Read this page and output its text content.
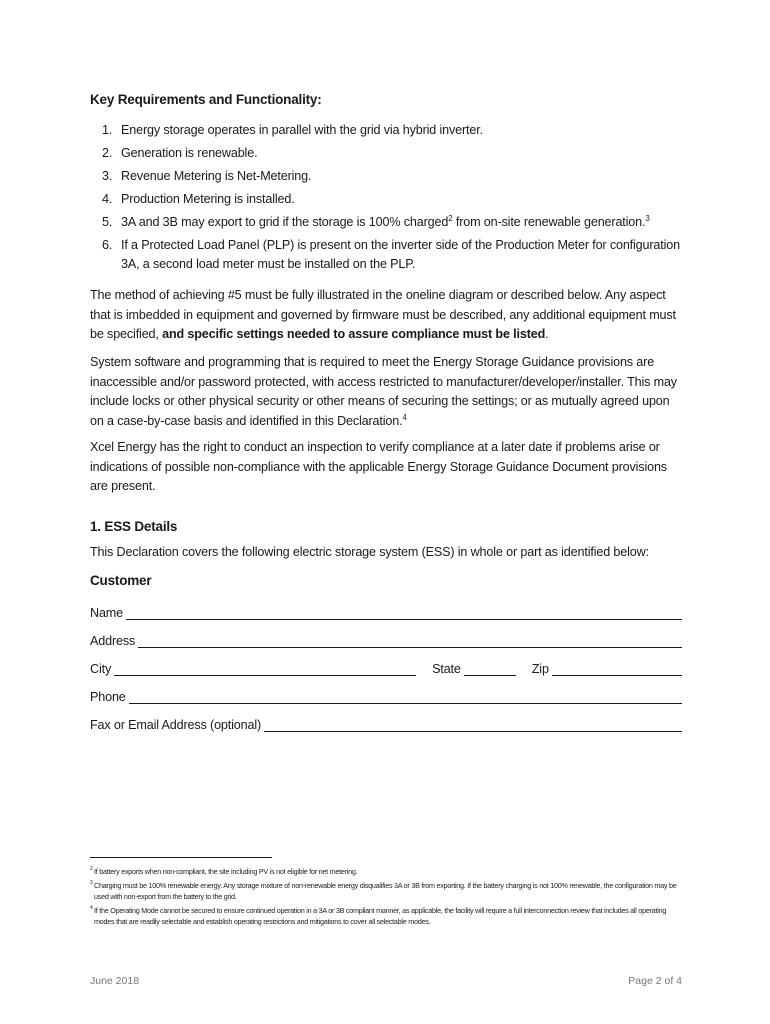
Key Requirements and Functionality:
1. Energy storage operates in parallel with the grid via hybrid inverter.
2. Generation is renewable.
3. Revenue Metering is Net-Metering.
4. Production Metering is installed.
5. 3A and 3B may export to grid if the storage is 100% charged$^2$ from on-site renewable generation.$^3$
6. If a Protected Load Panel (PLP) is present on the inverter side of the Production Meter for configuration 3A, a second load meter must be installed on the PLP.

The method of achieving #5 must be fully illustrated in the oneline diagram or described below. Any aspect that is imbedded in equipment and governed by firmware must be described, any additional equipment must be specified, and specific settings needed to assure compliance must be listed.

System software and programming that is required to meet the Energy Storage Guidance provisions are inaccessible and/or password protected, with access restricted to manufacturer/developer/installer. This may include locks or other physical security or other means of securing the settings; or as mutually agreed upon on a case-by-case basis and identified in this Declaration.$^4$

Xcel Energy has the right to conduct an inspection to verify compliance at a later date if problems arise or indications of possible non-compliance with the applicable Energy Storage Guidance Document provisions are present.

1. ESS Details
This Declaration covers the following electric storage system (ESS) in whole or part as identified below:
Customer
Name
Address
City	State	Zip
Phone
Fax or Email Address (optional)
2 If battery exports when non-compliant, the site including PV is not eligible for net metering.
3 Charging must be 100% renewable energy. Any storage mixture of non-renewable energy disqualifies 3A or 3B from exporting. If the battery charging is not 100% renewable, the configuration may be used with non-export from the battery to the grid.
4 If the Operating Mode cannot be secured to ensure continued operation in a 3A or 3B compliant manner, as applicable, the facility will require a full interconnection review that includes all operating modes that are readily selectable and establish operating restrictions and mitigations to cover all selectable modes.
June 2018	Page 2 of 4
